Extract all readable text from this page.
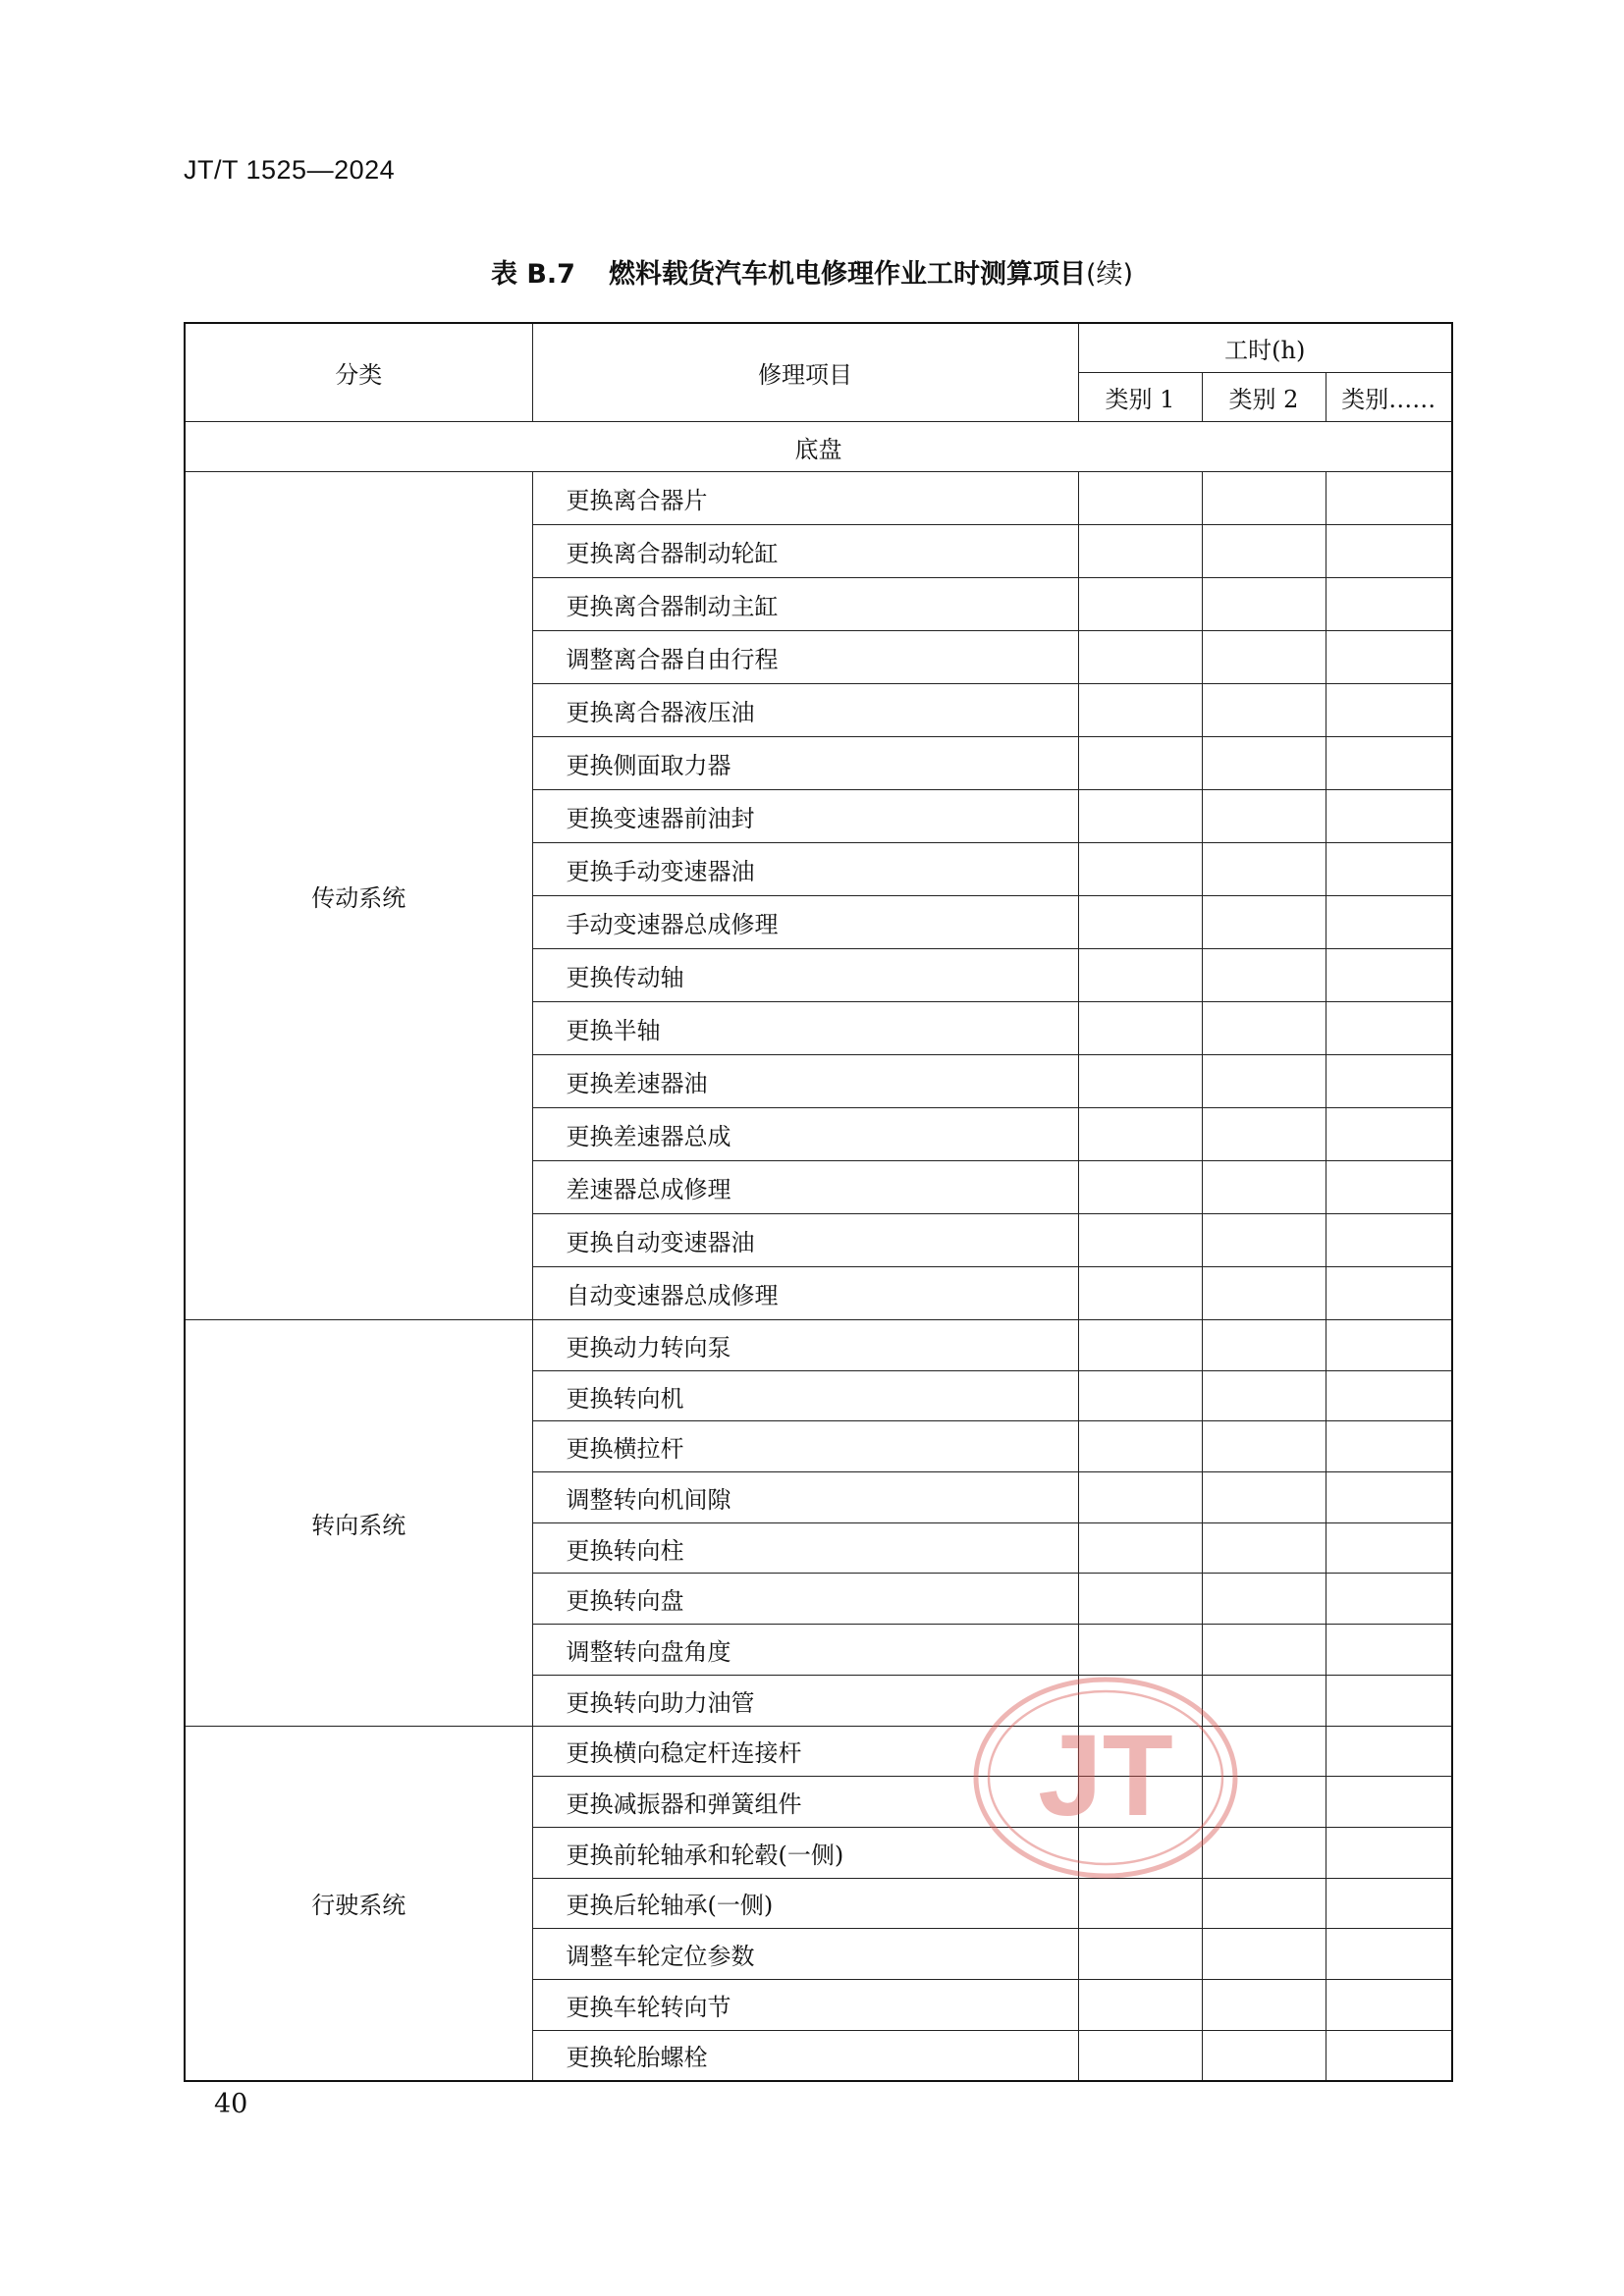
JT/T 1525—2024
表 B.7 燃料载货汽车机电修理作业工时测算项目(续)
分类	修理项目	工时(h)		
		类别 1	类别 2	类别……
底盘				
传动系统	更换离合器片			
	更换离合器制动轮缸			
	更换离合器制动主缸			
	调整离合器自由行程			
	更换离合器液压油			
	更换侧面取力器			
	更换变速器前油封			
	更换手动变速器油			
	手动变速器总成修理			
	更换传动轴			
	更换半轴			
	更换差速器油			
	更换差速器总成			
	差速器总成修理			
	更换自动变速器油			
	自动变速器总成修理			
转向系统	更换动力转向泵			
	更换转向机			
	更换横拉杆			
	调整转向机间隙			
	更换转向柱			
	更换转向盘			
	调整转向盘角度			
	更换转向助力油管			
行驶系统	更换横向稳定杆连接杆			
	更换减振器和弹簧组件			
	更换前轮轴承和轮毂(一侧)			
	更换后轮轴承(一侧)			
	调整车轮定位参数			
	更换车轮转向节			
	更换轮胎螺栓			
JT
40
